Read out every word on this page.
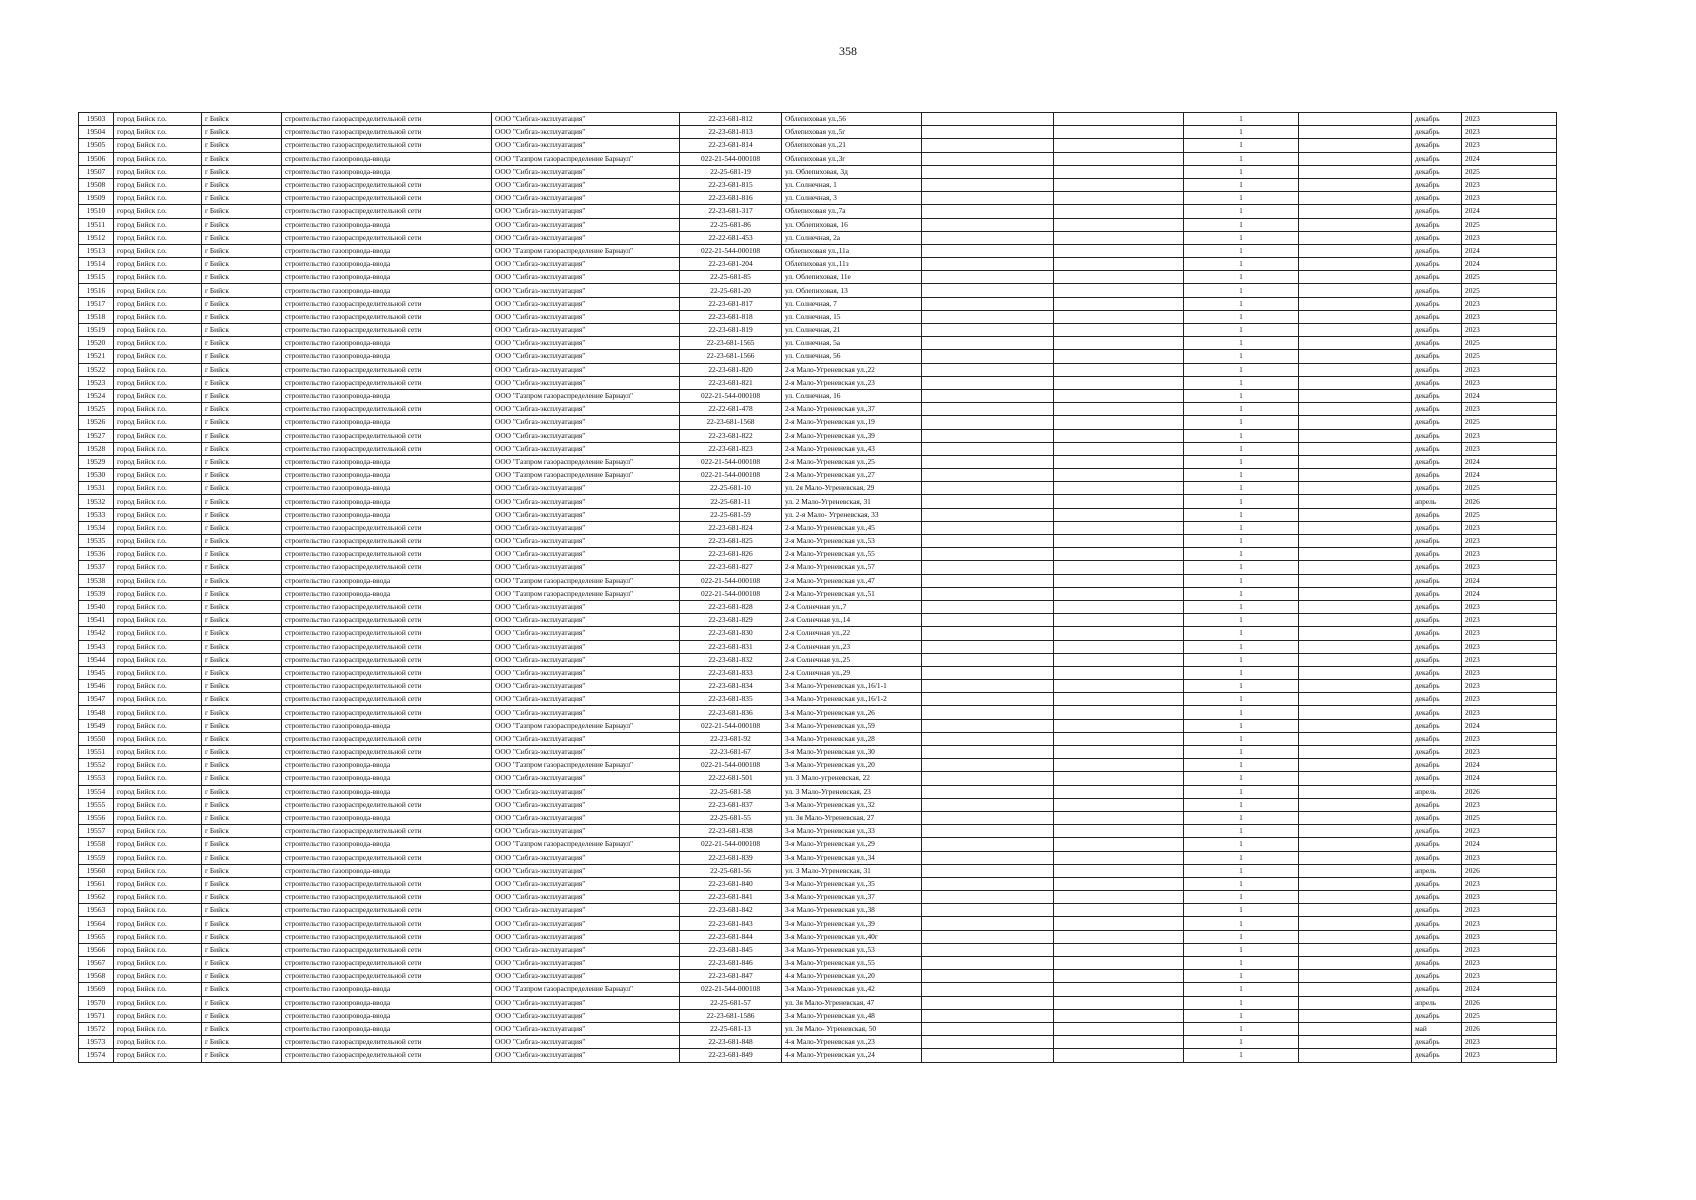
358
19503	город Бийск г.о.	г Бийск	строительство газораспределительной сети	ООО "Сибгаз-эксплуатация"	22-23-681-812	Облепиховая ул.,56			1		декабрь	2023
19504	город Бийск г.о.	г Бийск	строительство газораспределительной сети	ООО "Сибгаз-эксплуатация"	22-23-681-813	Облепиховая ул.,5г			1		декабрь	2023
19505	город Бийск г.о.	г Бийск	строительство газораспределительной сети	ООО "Сибгаз-эксплуатация"	22-23-681-814	Облепиховая ул.,21			1		декабрь	2023
19506	город Бийск г.о.	г Бийск	строительство газопровода-ввода	ООО "Газпром газораспределение Барнаул"	022-21-544-000108	Облепиховая ул.,3г			1		декабрь	2024
19507	город Бийск г.о.	г Бийск	строительство газопровода-ввода	ООО "Сибгаз-эксплуатация"	22-25-681-19	ул. Облепиховая, 3д			1		декабрь	2025
19508	город Бийск г.о.	г Бийск	строительство газораспределительной сети	ООО "Сибгаз-эксплуатация"	22-23-681-815	ул. Солнечная, 1			1		декабрь	2023
19509	город Бийск г.о.	г Бийск	строительство газораспределительной сети	ООО "Сибгаз-эксплуатация"	22-23-681-816	ул. Солнечная, 3			1		декабрь	2023
19510	город Бийск г.о.	г Бийск	строительство газораспределительной сети	ООО "Сибгаз-эксплуатация"	22-23-681-317	Облепиховая ул.,7а			1		декабрь	2024
19511	город Бийск г.о.	г Бийск	строительство газопровода-ввода	ООО "Сибгаз-эксплуатация"	22-25-681-86	ул. Облепиховая, 16			1		декабрь	2025
19512	город Бийск г.о.	г Бийск	строительство газораспределительной сети	ООО "Сибгаз-эксплуатация"	22-22-681-453	ул. Солнечная, 2а			1		декабрь	2023
19513	город Бийск г.о.	г Бийск	строительство газопровода-ввода	ООО "Газпром газораспределение Барнаул"	022-21-544-000108	Облепиховая ул.,11а			1		декабрь	2024
19514	город Бийск г.о.	г Бийск	строительство газопровода-ввода	ООО "Сибгаз-эксплуатация"	22-23-681-204	Облепиховая ул.,11з			1		декабрь	2024
19515	город Бийск г.о.	г Бийск	строительство газопровода-ввода	ООО "Сибгаз-эксплуатация"	22-25-681-85	ул. Облепиховая, 11е			1		декабрь	2025
19516	город Бийск г.о.	г Бийск	строительство газопровода-ввода	ООО "Сибгаз-эксплуатация"	22-25-681-20	ул. Облепиховая, 13			1		декабрь	2025
19517	город Бийск г.о.	г Бийск	строительство газораспределительной сети	ООО "Сибгаз-эксплуатация"	22-23-681-817	ул. Солнечная, 7			1		декабрь	2023
19518	город Бийск г.о.	г Бийск	строительство газораспределительной сети	ООО "Сибгаз-эксплуатация"	22-23-681-818	ул. Солнечная, 15			1		декабрь	2023
19519	город Бийск г.о.	г Бийск	строительство газораспределительной сети	ООО "Сибгаз-эксплуатация"	22-23-681-819	ул. Солнечная, 21			1		декабрь	2023
19520	город Бийск г.о.	г Бийск	строительство газопровода-ввода	ООО "Сибгаз-эксплуатация"	22-23-681-1565	ул. Солнечная, 5а			1		декабрь	2025
19521	город Бийск г.о.	г Бийск	строительство газопровода-ввода	ООО "Сибгаз-эксплуатация"	22-23-681-1566	ул. Солнечная, 56			1		декабрь	2025
19522	город Бийск г.о.	г Бийск	строительство газораспределительной сети	ООО "Сибгаз-эксплуатация"	22-23-681-820	2-я Мало-Угреневская ул.,22			1		декабрь	2023
19523	город Бийск г.о.	г Бийск	строительство газораспределительной сети	ООО "Сибгаз-эксплуатация"	22-23-681-821	2-я Мало-Угреневская ул.,23			1		декабрь	2023
19524	город Бийск г.о.	г Бийск	строительство газопровода-ввода	ООО "Газпром газораспределение Барнаул"	022-21-544-000108	ул. Солнечная, 16			1		декабрь	2024
19525	город Бийск г.о.	г Бийск	строительство газораспределительной сети	ООО "Сибгаз-эксплуатация"	22-22-681-478	2-я Мало-Угреневская ул.,37			1		декабрь	2023
19526	город Бийск г.о.	г Бийск	строительство газопровода-ввода	ООО "Сибгаз-эксплуатация"	22-23-681-1568	2-я Мало-Угреневская ул.,19			1		декабрь	2025
19527	город Бийск г.о.	г Бийск	строительство газораспределительной сети	ООО "Сибгаз-эксплуатация"	22-23-681-822	2-я Мало-Угреневская ул.,39			1		декабрь	2023
19528	город Бийск г.о.	г Бийск	строительство газораспределительной сети	ООО "Сибгаз-эксплуатация"	22-23-681-823	2-я Мало-Угреневская ул.,43			1		декабрь	2023
19529	город Бийск г.о.	г Бийск	строительство газопровода-ввода	ООО "Газпром газораспределение Барнаул"	022-21-544-000108	2-я Мало-Угреневская ул.,25			1		декабрь	2024
19530	город Бийск г.о.	г Бийск	строительство газопровода-ввода	ООО "Газпром газораспределение Барнаул"	022-21-544-000108	2-я Мало-Угреневская ул.,27			1		декабрь	2024
19531	город Бийск г.о.	г Бийск	строительство газопровода-ввода	ООО "Сибгаз-эксплуатация"	22-25-681-10	ул. 2я Мало-Угреневская, 29			1		декабрь	2025
19532	город Бийск г.о.	г Бийск	строительство газопровода-ввода	ООО "Сибгаз-эксплуатация"	22-25-681-11	ул. 2 Мало-Угреневская, 31			1		апрель	2026
19533	город Бийск г.о.	г Бийск	строительство газопровода-ввода	ООО "Сибгаз-эксплуатация"	22-25-681-59	ул. 2-я Мало- Угреневская, 33			1		декабрь	2025
19534	город Бийск г.о.	г Бийск	строительство газораспределительной сети	ООО "Сибгаз-эксплуатация"	22-23-681-824	2-я Мало-Угреневская ул.,45			1		декабрь	2023
19535	город Бийск г.о.	г Бийск	строительство газораспределительной сети	ООО "Сибгаз-эксплуатация"	22-23-681-825	2-я Мало-Угреневская ул.,53			1		декабрь	2023
19536	город Бийск г.о.	г Бийск	строительство газораспределительной сети	ООО "Сибгаз-эксплуатация"	22-23-681-826	2-я Мало-Угреневская ул.,55			1		декабрь	2023
19537	город Бийск г.о.	г Бийск	строительство газораспределительной сети	ООО "Сибгаз-эксплуатация"	22-23-681-827	2-я Мало-Угреневская ул.,57			1		декабрь	2023
19538	город Бийск г.о.	г Бийск	строительство газопровода-ввода	ООО "Газпром газораспределение Барнаул"	022-21-544-000108	2-я Мало-Угреневская ул.,47			1		декабрь	2024
19539	город Бийск г.о.	г Бийск	строительство газопровода-ввода	ООО "Газпром газораспределение Барнаул"	022-21-544-000108	2-я Мало-Угреневская ул.,51			1		декабрь	2024
19540	город Бийск г.о.	г Бийск	строительство газораспределительной сети	ООО "Сибгаз-эксплуатация"	22-23-681-828	2-я Солнечная ул.,7			1		декабрь	2023
19541	город Бийск г.о.	г Бийск	строительство газораспределительной сети	ООО "Сибгаз-эксплуатация"	22-23-681-829	2-я Солнечная ул.,14			1		декабрь	2023
19542	город Бийск г.о.	г Бийск	строительство газораспределительной сети	ООО "Сибгаз-эксплуатация"	22-23-681-830	2-я Солнечная ул.,22			1		декабрь	2023
19543	город Бийск г.о.	г Бийск	строительство газораспределительной сети	ООО "Сибгаз-эксплуатация"	22-23-681-831	2-я Солнечная ул.,23			1		декабрь	2023
19544	город Бийск г.о.	г Бийск	строительство газораспределительной сети	ООО "Сибгаз-эксплуатация"	22-23-681-832	2-я Солнечная ул.,25			1		декабрь	2023
19545	город Бийск г.о.	г Бийск	строительство газораспределительной сети	ООО "Сибгаз-эксплуатация"	22-23-681-833	2-я Солнечная ул.,29			1		декабрь	2023
19546	город Бийск г.о.	г Бийск	строительство газораспределительной сети	ООО "Сибгаз-эксплуатация"	22-23-681-834	3-я Мало-Угреневская ул.,16/1-1			1		декабрь	2023
19547	город Бийск г.о.	г Бийск	строительство газораспределительной сети	ООО "Сибгаз-эксплуатация"	22-23-681-835	3-я Мало-Угреневская ул.,16/1-2			1		декабрь	2023
19548	город Бийск г.о.	г Бийск	строительство газораспределительной сети	ООО "Сибгаз-эксплуатация"	22-23-681-836	3-я Мало-Угреневская ул.,26			1		декабрь	2023
19549	город Бийск г.о.	г Бийск	строительство газопровода-ввода	ООО "Газпром газораспределение Барнаул"	022-21-544-000108	3-я Мало-Угреневская ул.,59			1		декабрь	2024
19550	город Бийск г.о.	г Бийск	строительство газораспределительной сети	ООО "Сибгаз-эксплуатация"	22-23-681-92	3-я Мало-Угреневская ул.,28			1		декабрь	2023
19551	город Бийск г.о.	г Бийск	строительство газораспределительной сети	ООО "Сибгаз-эксплуатация"	22-23-681-67	3-я Мало-Угреневская ул.,30			1		декабрь	2023
19552	город Бийск г.о.	г Бийск	строительство газопровода-ввода	ООО "Газпром газораспределение Барнаул"	022-21-544-000108	3-я Мало-Угреневская ул.,20			1		декабрь	2024
19553	город Бийск г.о.	г Бийск	строительство газопровода-ввода	ООО "Сибгаз-эксплуатация"	22-22-681-501	ул. 3 Мало-угреневская, 22			1		декабрь	2024
19554	город Бийск г.о.	г Бийск	строительство газопровода-ввода	ООО "Сибгаз-эксплуатация"	22-25-681-58	ул. 3 Мало-Угреневская, 23			1		апрель	2026
19555	город Бийск г.о.	г Бийск	строительство газораспределительной сети	ООО "Сибгаз-эксплуатация"	22-23-681-837	3-я Мало-Угреневская ул.,32			1		декабрь	2023
19556	город Бийск г.о.	г Бийск	строительство газопровода-ввода	ООО "Сибгаз-эксплуатация"	22-25-681-55	ул. 3я Мало-Угреневская, 27			1		декабрь	2025
19557	город Бийск г.о.	г Бийск	строительство газораспределительной сети	ООО "Сибгаз-эксплуатация"	22-23-681-838	3-я Мало-Угреневская ул.,33			1		декабрь	2023
19558	город Бийск г.о.	г Бийск	строительство газопровода-ввода	ООО "Газпром газораспределение Барнаул"	022-21-544-000108	3-я Мало-Угреневская ул.,29			1		декабрь	2024
19559	город Бийск г.о.	г Бийск	строительство газораспределительной сети	ООО "Сибгаз-эксплуатация"	22-23-681-839	3-я Мало-Угреневская ул.,34			1		декабрь	2023
19560	город Бийск г.о.	г Бийск	строительство газопровода-ввода	ООО "Сибгаз-эксплуатация"	22-25-681-56	ул. 3 Мало-Угреневская, 31			1		апрель	2026
19561	город Бийск г.о.	г Бийск	строительство газораспределительной сети	ООО "Сибгаз-эксплуатация"	22-23-681-840	3-я Мало-Угреневская ул.,35			1		декабрь	2023
19562	город Бийск г.о.	г Бийск	строительство газораспределительной сети	ООО "Сибгаз-эксплуатация"	22-23-681-841	3-я Мало-Угреневская ул.,37			1		декабрь	2023
19563	город Бийск г.о.	г Бийск	строительство газораспределительной сети	ООО "Сибгаз-эксплуатация"	22-23-681-842	3-я Мало-Угреневская ул.,38			1		декабрь	2023
19564	город Бийск г.о.	г Бийск	строительство газораспределительной сети	ООО "Сибгаз-эксплуатация"	22-23-681-843	3-я Мало-Угреневская ул.,39			1		декабрь	2023
19565	город Бийск г.о.	г Бийск	строительство газораспределительной сети	ООО "Сибгаз-эксплуатация"	22-23-681-844	3-я Мало-Угреневская ул.,40г			1		декабрь	2023
19566	город Бийск г.о.	г Бийск	строительство газораспределительной сети	ООО "Сибгаз-эксплуатация"	22-23-681-845	3-я Мало-Угреневская ул.,53			1		декабрь	2023
19567	город Бийск г.о.	г Бийск	строительство газораспределительной сети	ООО "Сибгаз-эксплуатация"	22-23-681-846	3-я Мало-Угреневская ул.,55			1		декабрь	2023
19568	город Бийск г.о.	г Бийск	строительство газораспределительной сети	ООО "Сибгаз-эксплуатация"	22-23-681-847	4-я Мало-Угреневская ул.,20			1		декабрь	2023
19569	город Бийск г.о.	г Бийск	строительство газопровода-ввода	ООО "Газпром газораспределение Барнаул"	022-21-544-000108	3-я Мало-Угреневская ул.,42			1		декабрь	2024
19570	город Бийск г.о.	г Бийск	строительство газопровода-ввода	ООО "Сибгаз-эксплуатация"	22-25-681-57	ул. 3я Мало-Угреневская, 47			1		апрель	2026
19571	город Бийск г.о.	г Бийск	строительство газопровода-ввода	ООО "Сибгаз-эксплуатация"	22-23-681-1586	3-я Мало-Угреневская ул.,48			1		декабрь	2025
19572	город Бийск г.о.	г Бийск	строительство газопровода-ввода	ООО "Сибгаз-эксплуатация"	22-25-681-13	ул. 3я Мало- Угреневская, 50			1		май	2026
19573	город Бийск г.о.	г Бийск	строительство газораспределительной сети	ООО "Сибгаз-эксплуатация"	22-23-681-848	4-я Мало-Угреневская ул.,23			1		декабрь	2023
19574	город Бийск г.о.	г Бийск	строительство газораспределительной сети	ООО "Сибгаз-эксплуатация"	22-23-681-849	4-я Мало-Угреневская ул.,24			1		декабрь	2023
